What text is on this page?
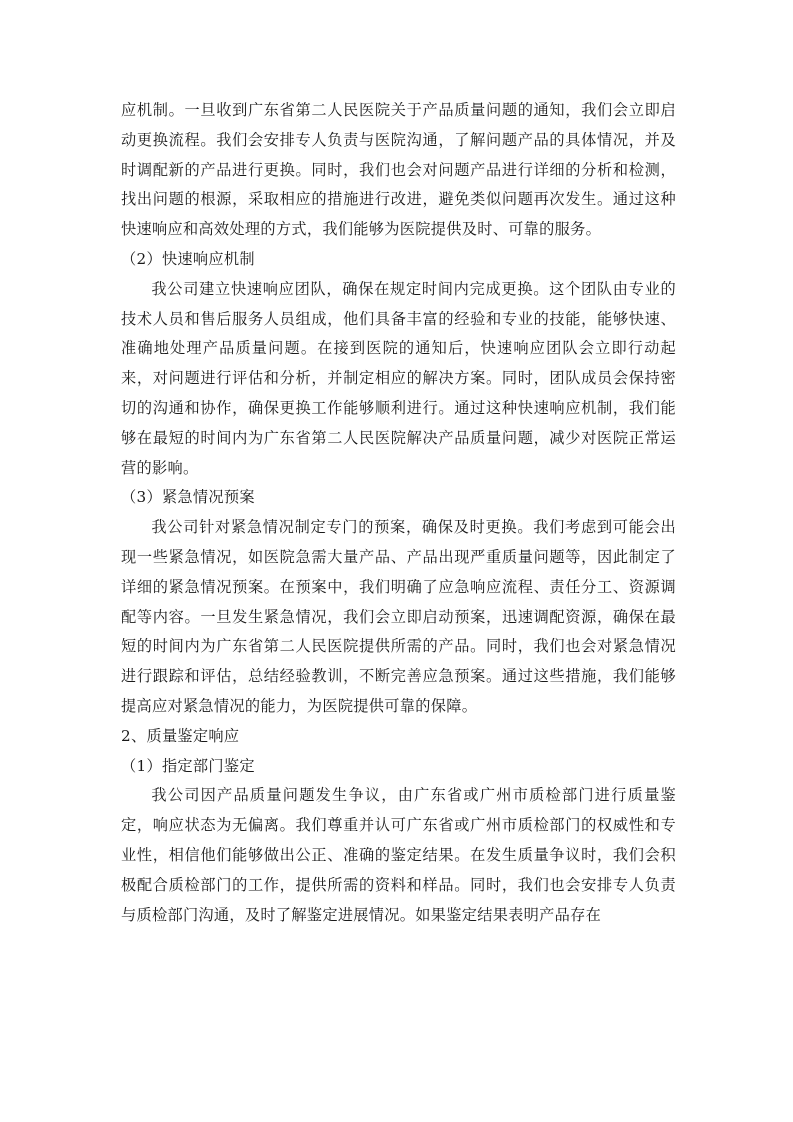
应机制。一旦收到广东省第二人民医院关于产品质量问题的通知，我们会立即启动更换流程。我们会安排专人负责与医院沟通，了解问题产品的具体情况，并及时调配新的产品进行更换。同时，我们也会对问题产品进行详细的分析和检测，找出问题的根源，采取相应的措施进行改进，避免类似问题再次发生。通过这种快速响应和高效处理的方式，我们能够为医院提供及时、可靠的服务。

（2）快速响应机制

我公司建立快速响应团队，确保在规定时间内完成更换。这个团队由专业的技术人员和售后服务人员组成，他们具备丰富的经验和专业的技能，能够快速、准确地处理产品质量问题。在接到医院的通知后，快速响应团队会立即行动起来，对问题进行评估和分析，并制定相应的解决方案。同时，团队成员会保持密切的沟通和协作，确保更换工作能够顺利进行。通过这种快速响应机制，我们能够在最短的时间内为广东省第二人民医院解决产品质量问题，减少对医院正常运营的影响。

（3）紧急情况预案

我公司针对紧急情况制定专门的预案，确保及时更换。我们考虑到可能会出现一些紧急情况，如医院急需大量产品、产品出现严重质量问题等，因此制定了详细的紧急情况预案。在预案中，我们明确了应急响应流程、责任分工、资源调配等内容。一旦发生紧急情况，我们会立即启动预案，迅速调配资源，确保在最短的时间内为广东省第二人民医院提供所需的产品。同时，我们也会对紧急情况进行跟踪和评估，总结经验教训，不断完善应急预案。通过这些措施，我们能够提高应对紧急情况的能力，为医院提供可靠的保障。

2、质量鉴定响应

（1）指定部门鉴定

我公司因产品质量问题发生争议，由广东省或广州市质检部门进行质量鉴定，响应状态为无偏离。我们尊重并认可广东省或广州市质检部门的权威性和专业性，相信他们能够做出公正、准确的鉴定结果。在发生质量争议时，我们会积极配合质检部门的工作，提供所需的资料和样品。同时，我们也会安排专人负责与质检部门沟通，及时了解鉴定进展情况。如果鉴定结果表明产品存在
